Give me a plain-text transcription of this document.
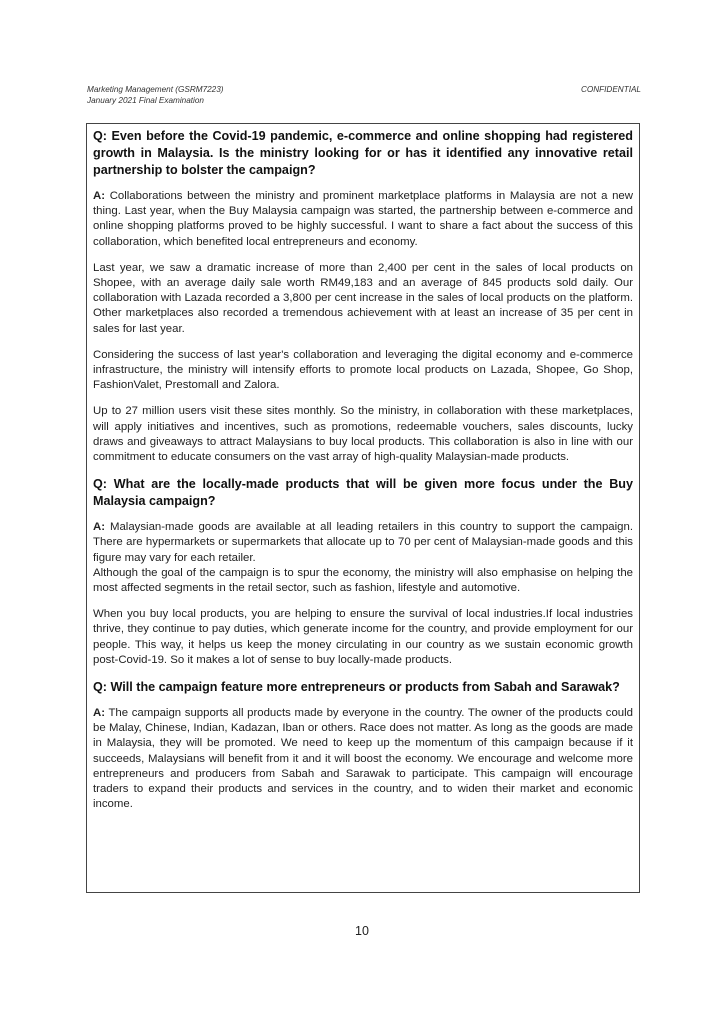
Marketing Management (GSRM7223)
January 2021 Final Examination
CONFIDENTIAL

Q: Even before the Covid-19 pandemic, e-commerce and online shopping had registered growth in Malaysia. Is the ministry looking for or has it identified any innovative retail partnership to bolster the campaign?

A: Collaborations between the ministry and prominent marketplace platforms in Malaysia are not a new thing. Last year, when the Buy Malaysia campaign was started, the partnership between e-commerce and online shopping platforms proved to be highly successful. I want to share a fact about the success of this collaboration, which benefited local entrepreneurs and economy.

Last year, we saw a dramatic increase of more than 2,400 per cent in the sales of local products on Shopee, with an average daily sale worth RM49,183 and an average of 845 products sold daily. Our collaboration with Lazada recorded a 3,800 per cent increase in the sales of local products on the platform. Other marketplaces also recorded a tremendous achievement with at least an increase of 35 per cent in sales for last year.

Considering the success of last year's collaboration and leveraging the digital economy and e-commerce infrastructure, the ministry will intensify efforts to promote local products on Lazada, Shopee, Go Shop, FashionValet, Prestomall and Zalora.

Up to 27 million users visit these sites monthly. So the ministry, in collaboration with these marketplaces, will apply initiatives and incentives, such as promotions, redeemable vouchers, sales discounts, lucky draws and giveaways to attract Malaysians to buy local products. This collaboration is also in line with our commitment to educate consumers on the vast array of high-quality Malaysian-made products.

Q: What are the locally-made products that will be given more focus under the Buy Malaysia campaign?

A: Malaysian-made goods are available at all leading retailers in this country to support the campaign. There are hypermarkets or supermarkets that allocate up to 70 per cent of Malaysian-made goods and this figure may vary for each retailer.

Although the goal of the campaign is to spur the economy, the ministry will also emphasise on helping the most affected segments in the retail sector, such as fashion, lifestyle and automotive.

When you buy local products, you are helping to ensure the survival of local industries.If local industries thrive, they continue to pay duties, which generate income for the country, and provide employment for our people. This way, it helps us keep the money circulating in our country as we sustain economic growth post-Covid-19. So it makes a lot of sense to buy locally-made products.

Q: Will the campaign feature more entrepreneurs or products from Sabah and Sarawak?

A: The campaign supports all products made by everyone in the country. The owner of the products could be Malay, Chinese, Indian, Kadazan, Iban or others. Race does not matter. As long as the goods are made in Malaysia, they will be promoted. We need to keep up the momentum of this campaign because if it succeeds, Malaysians will benefit from it and it will boost the economy. We encourage and welcome more entrepreneurs and producers from Sabah and Sarawak to participate. This campaign will encourage traders to expand their products and services in the country, and to widen their market and economic income.

10
